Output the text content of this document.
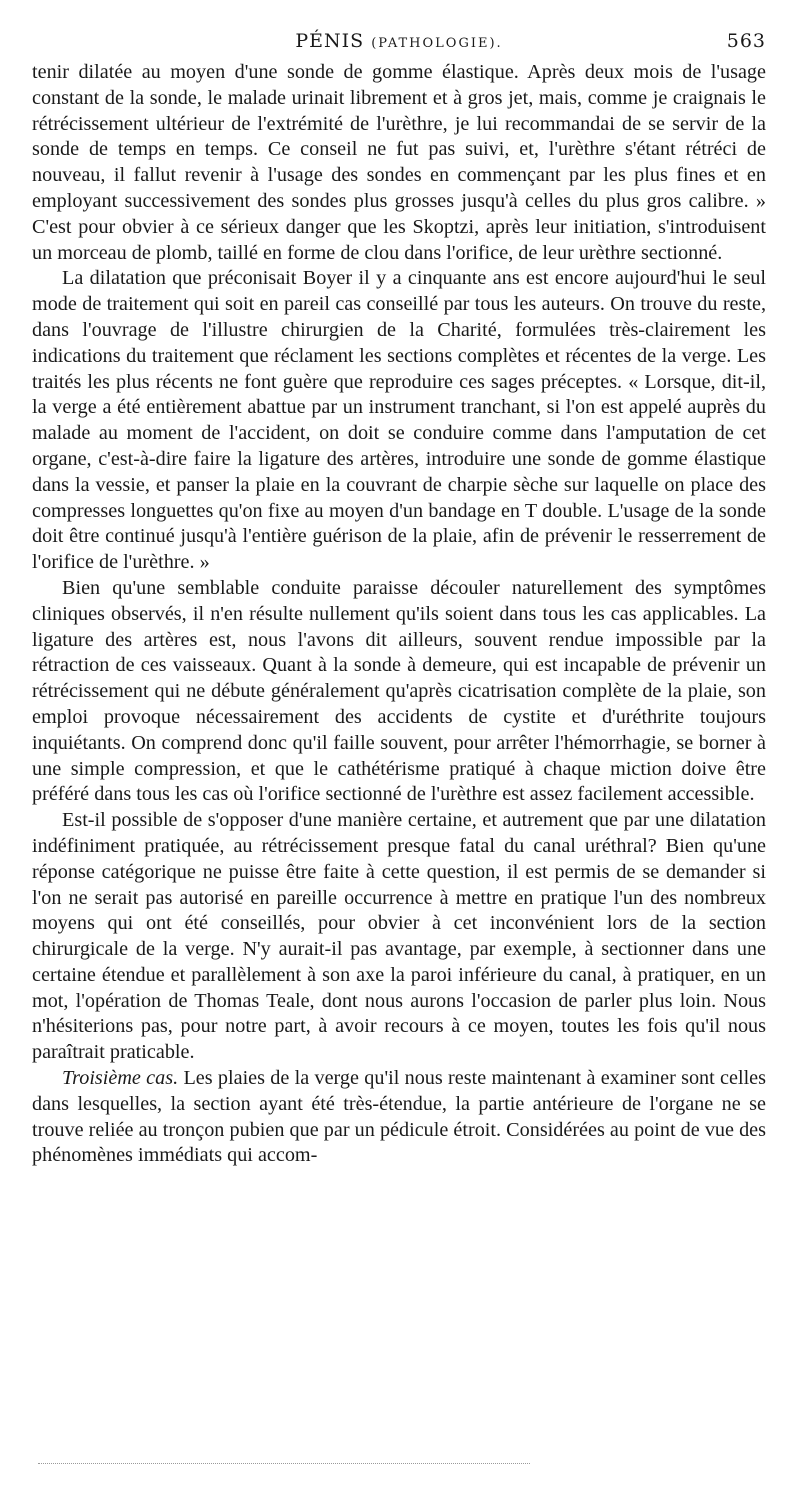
PÉNIS (PATHOLOGIE).	563

tenir dilatée au moyen d'une sonde de gomme élastique. Après deux mois de l'usage constant de la sonde, le malade urinait librement et à gros jet, mais, comme je craignais le rétrécissement ultérieur de l'extrémité de l'urèthre, je lui recommandai de se servir de la sonde de temps en temps. Ce conseil ne fut pas suivi, et, l'urèthre s'étant rétréci de nouveau, il fallut revenir à l'usage des sondes en commençant par les plus fines et en employant successivement des sondes plus grosses jusqu'à celles du plus gros calibre. » C'est pour obvier à ce sérieux danger que les Skoptzi, après leur initiation, s'introduisent un morceau de plomb, taillé en forme de clou dans l'orifice, de leur urèthre sectionné.

La dilatation que préconisait Boyer il y a cinquante ans est encore aujourd'hui le seul mode de traitement qui soit en pareil cas conseillé par tous les auteurs. On trouve du reste, dans l'ouvrage de l'illustre chirurgien de la Charité, formulées très-clairement les indications du traitement que réclament les sections complètes et récentes de la verge. Les traités les plus récents ne font guère que reproduire ces sages préceptes. « Lorsque, dit-il, la verge a été entièrement abattue par un instrument tranchant, si l'on est appelé auprès du malade au moment de l'accident, on doit se conduire comme dans l'amputation de cet organe, c'est-à-dire faire la ligature des artères, introduire une sonde de gomme élastique dans la vessie, et panser la plaie en la couvrant de charpie sèche sur laquelle on place des compresses longuettes qu'on fixe au moyen d'un bandage en T double. L'usage de la sonde doit être continué jusqu'à l'entière guérison de la plaie, afin de prévenir le resserrement de l'orifice de l'urèthre. »

Bien qu'une semblable conduite paraisse découler naturellement des symptômes cliniques observés, il n'en résulte nullement qu'ils soient dans tous les cas applicables. La ligature des artères est, nous l'avons dit ailleurs, souvent rendue impossible par la rétraction de ces vaisseaux. Quant à la sonde à demeure, qui est incapable de prévenir un rétrécissement qui ne débute généralement qu'après cicatrisation complète de la plaie, son emploi provoque nécessairement des accidents de cystite et d'uréthrite toujours inquiétants. On comprend donc qu'il faille souvent, pour arrêter l'hémorrhagie, se borner à une simple compression, et que le cathétérisme pratiqué à chaque miction doive être préféré dans tous les cas où l'orifice sectionné de l'urèthre est assez facilement accessible.

Est-il possible de s'opposer d'une manière certaine, et autrement que par une dilatation indéfiniment pratiquée, au rétrécissement presque fatal du canal uréthral? Bien qu'une réponse catégorique ne puisse être faite à cette question, il est permis de se demander si l'on ne serait pas autorisé en pareille occurrence à mettre en pratique l'un des nombreux moyens qui ont été conseillés, pour obvier à cet inconvénient lors de la section chirurgicale de la verge. N'y aurait-il pas avantage, par exemple, à sectionner dans une certaine étendue et parallèlement à son axe la paroi inférieure du canal, à pratiquer, en un mot, l'opération de Thomas Teale, dont nous aurons l'occasion de parler plus loin. Nous n'hésiterions pas, pour notre part, à avoir recours à ce moyen, toutes les fois qu'il nous paraîtrait praticable.

Troisième cas. Les plaies de la verge qu'il nous reste maintenant à examiner sont celles dans lesquelles, la section ayant été très-étendue, la partie antérieure de l'organe ne se trouve reliée au tronçon pubien que par un pédicule étroit. Considérées au point de vue des phénomènes immédiats qui accom-
